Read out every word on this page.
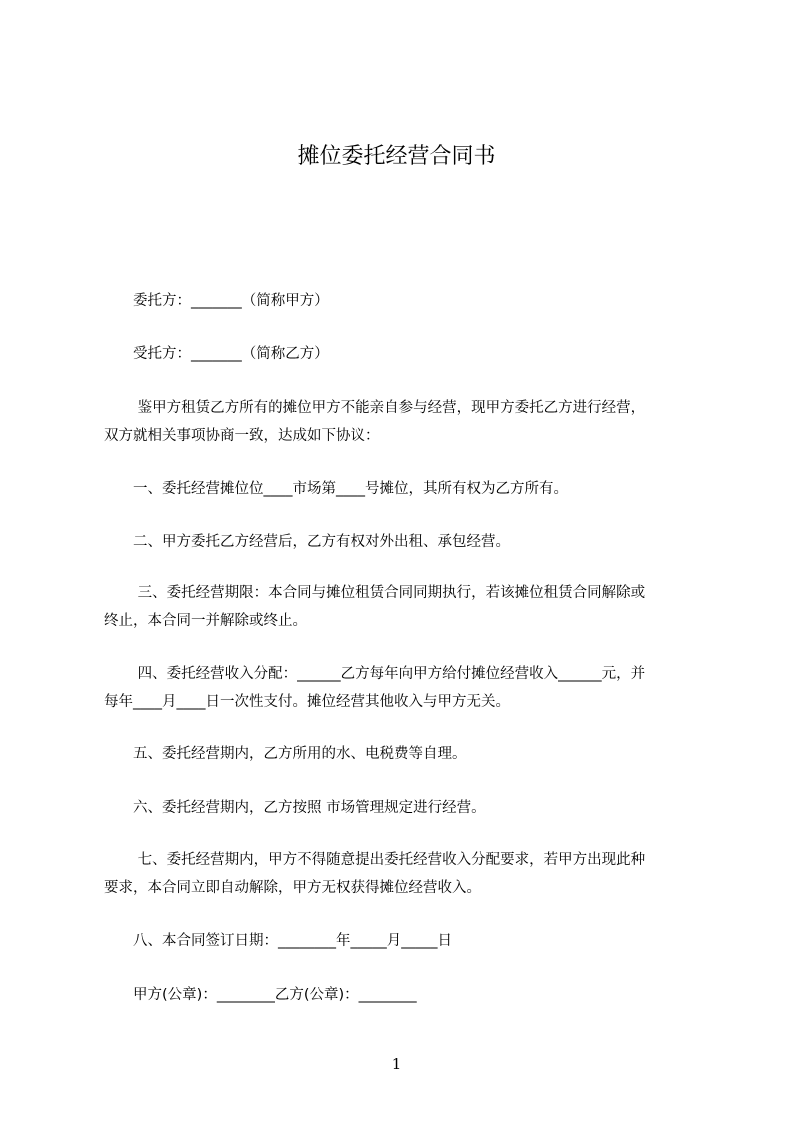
摊位委托经营合同书

　　委托方：_______（简称甲方）

　　受托方：_______（简称乙方）

　　 鉴甲方租赁乙方所有的摊位甲方不能亲自参与经营，现甲方委托乙方进行经营，
双方就相关事项协商一致，达成如下协议：

　　一、委托经营摊位位____市场第____号摊位，其所有权为乙方所有。

　　二、甲方委托乙方经营后，乙方有权对外出租、承包经营。

　　 三、委托经营期限：本合同与摊位租赁合同同期执行，若该摊位租赁合同解除或
终止，本合同一并解除或终止。

　　 四、委托经营收入分配：______乙方每年向甲方给付摊位经营收入______元，并
每年____月____日一次性支付。摊位经营其他收入与甲方无关。

　　五、委托经营期内，乙方所用的水、电税费等自理。

　　六、委托经营期内，乙方按照 市场管理规定进行经营。

　　 七、委托经营期内，甲方不得随意提出委托经营收入分配要求，若甲方出现此种
要求，本合同立即自动解除，甲方无权获得摊位经营收入。

　　八、本合同签订日期：________年_____月_____日

　　甲方(公章)：________乙方(公章)：________

1
